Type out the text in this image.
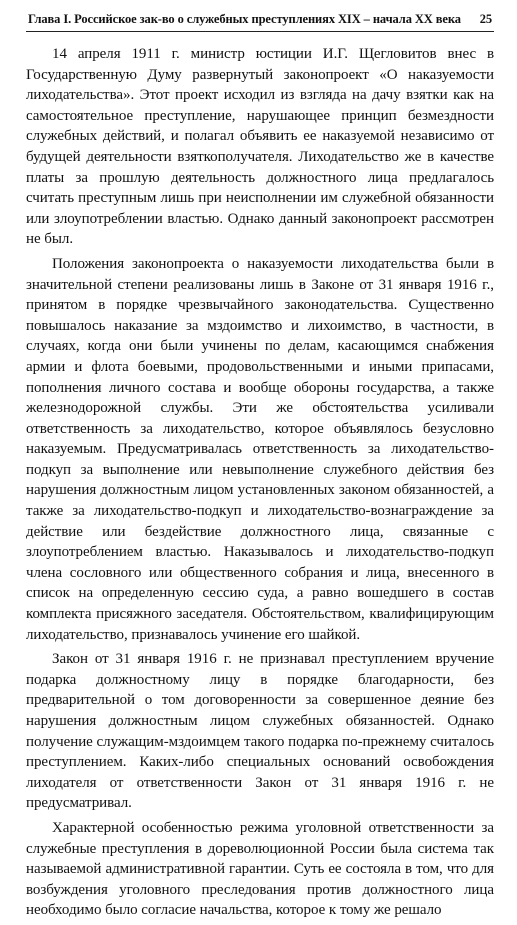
Глава I. Российское зак-во о служебных преступлениях XIX – начала XX века	25

14 апреля 1911 г. министр юстиции И.Г. Щегловитов внес в Государственную Думу развернутый законопроект «О наказуемости лиходательства». Этот проект исходил из взгляда на дачу взятки как на самостоятельное преступление, нарушающее принцип безмездности служебных действий, и полагал объявить ее наказуемой независимо от будущей деятельности взяткополучателя. Лиходательство же в качестве платы за прошлую деятельность должностного лица предлагалось считать преступным лишь при неисполнении им служебной обязанности или злоупотреблении властью. Однако данный законопроект рассмотрен не был.

Положения законопроекта о наказуемости лиходательства были в значительной степени реализованы лишь в Законе от 31 января 1916 г., принятом в порядке чрезвычайного законодательства. Существенно повышалось наказание за мздоимство и лихоимство, в частности, в случаях, когда они были учинены по делам, касающимся снабжения армии и флота боевыми, продовольственными и иными припасами, пополнения личного состава и вообще обороны государства, а также железнодорожной службы. Эти же обстоятельства усиливали ответственность за лиходательство, которое объявлялось безусловно наказуемым. Предусматривалась ответственность за лиходательство-подкуп за выполнение или невыполнение служебного действия без нарушения должностным лицом установленных законом обязанностей, а также за лиходательство-подкуп и лиходательство-вознаграждение за действие или бездействие должностного лица, связанные с злоупотреблением властью. Наказывалось и лиходательство-подкуп члена сословного или общественного собрания и лица, внесенного в список на определенную сессию суда, а равно вошедшего в состав комплекта присяжного заседателя. Обстоятельством, квалифицирующим лиходательство, признавалось учинение его шайкой.

Закон от 31 января 1916 г. не признавал преступлением вручение подарка должностному лицу в порядке благодарности, без предварительной о том договоренности за совершенное деяние без нарушения должностным лицом служебных обязанностей. Однако получение служащим-мздоимцем такого подарка по-прежнему считалось преступлением. Каких-либо специальных оснований освобождения лиходателя от ответственности Закон от 31 января 1916 г. не предусматривал.

Характерной особенностью режима уголовной ответственности за служебные преступления в дореволюционной России была система так называемой административной гарантии. Суть ее состояла в том, что для возбуждения уголовного преследования против должностного лица необходимо было согласие начальства, которое к тому же решало
